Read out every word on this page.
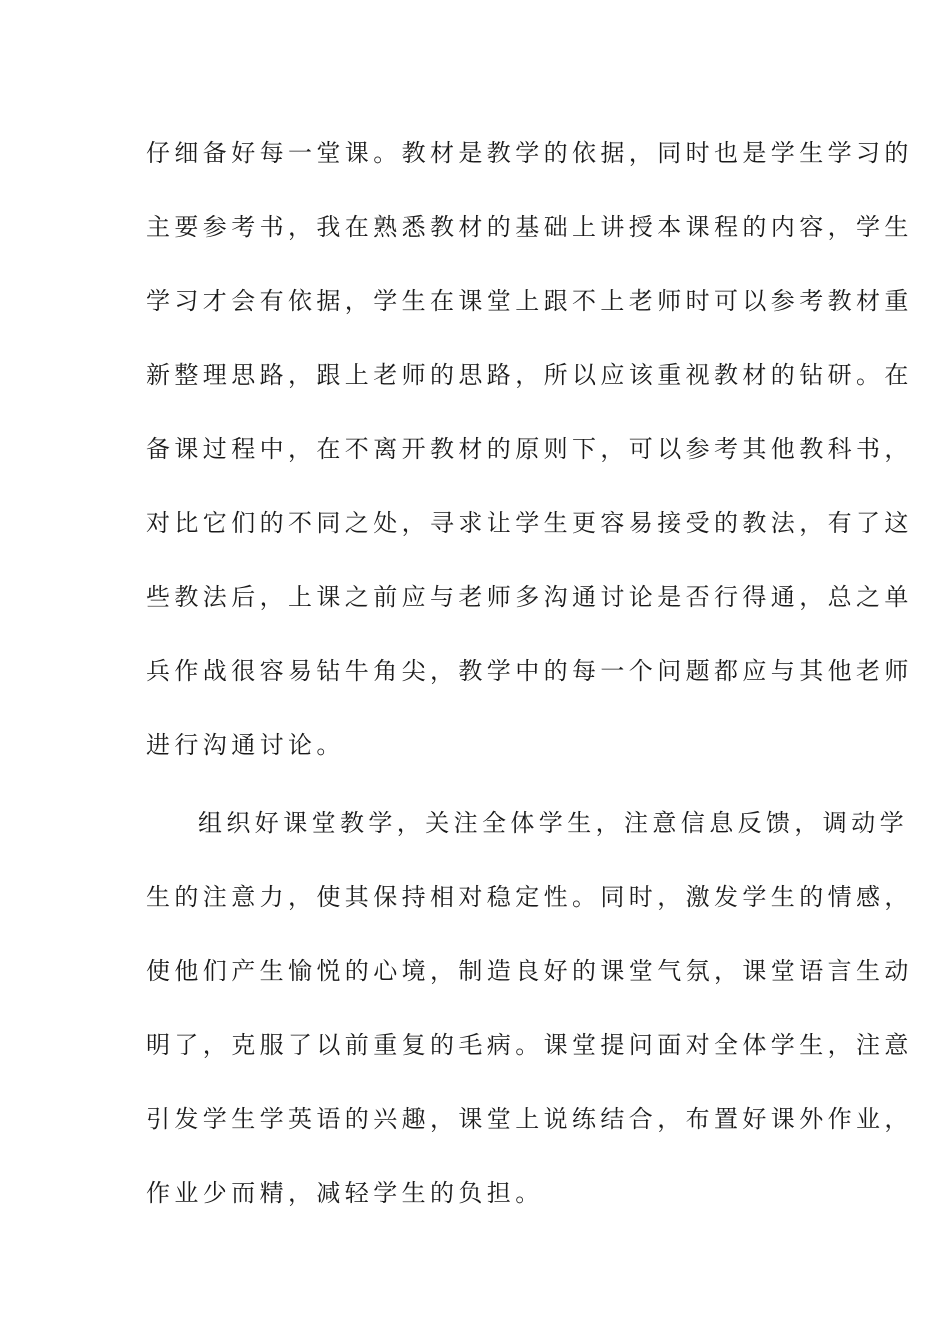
仔细备好每一堂课。教材是教学的依据，同时也是学生学习的
主要参考书，我在熟悉教材的基础上讲授本课程的内容，学生
学习才会有依据，学生在课堂上跟不上老师时可以参考教材重
新整理思路，跟上老师的思路，所以应该重视教材的钻研。在
备课过程中，在不离开教材的原则下，可以参考其他教科书，
对比它们的不同之处，寻求让学生更容易接受的教法，有了这
些教法后，上课之前应与老师多沟通讨论是否行得通，总之单
兵作战很容易钻牛角尖，教学中的每一个问题都应与其他老师
进行沟通讨论。
组织好课堂教学，关注全体学生，注意信息反馈，调动学
生的注意力，使其保持相对稳定性。同时，激发学生的情感，
使他们产生愉悦的心境，制造良好的课堂气氛，课堂语言生动
明了，克服了以前重复的毛病。课堂提问面对全体学生，注意
引发学生学英语的兴趣，课堂上说练结合，布置好课外作业，
作业少而精，减轻学生的负担。
